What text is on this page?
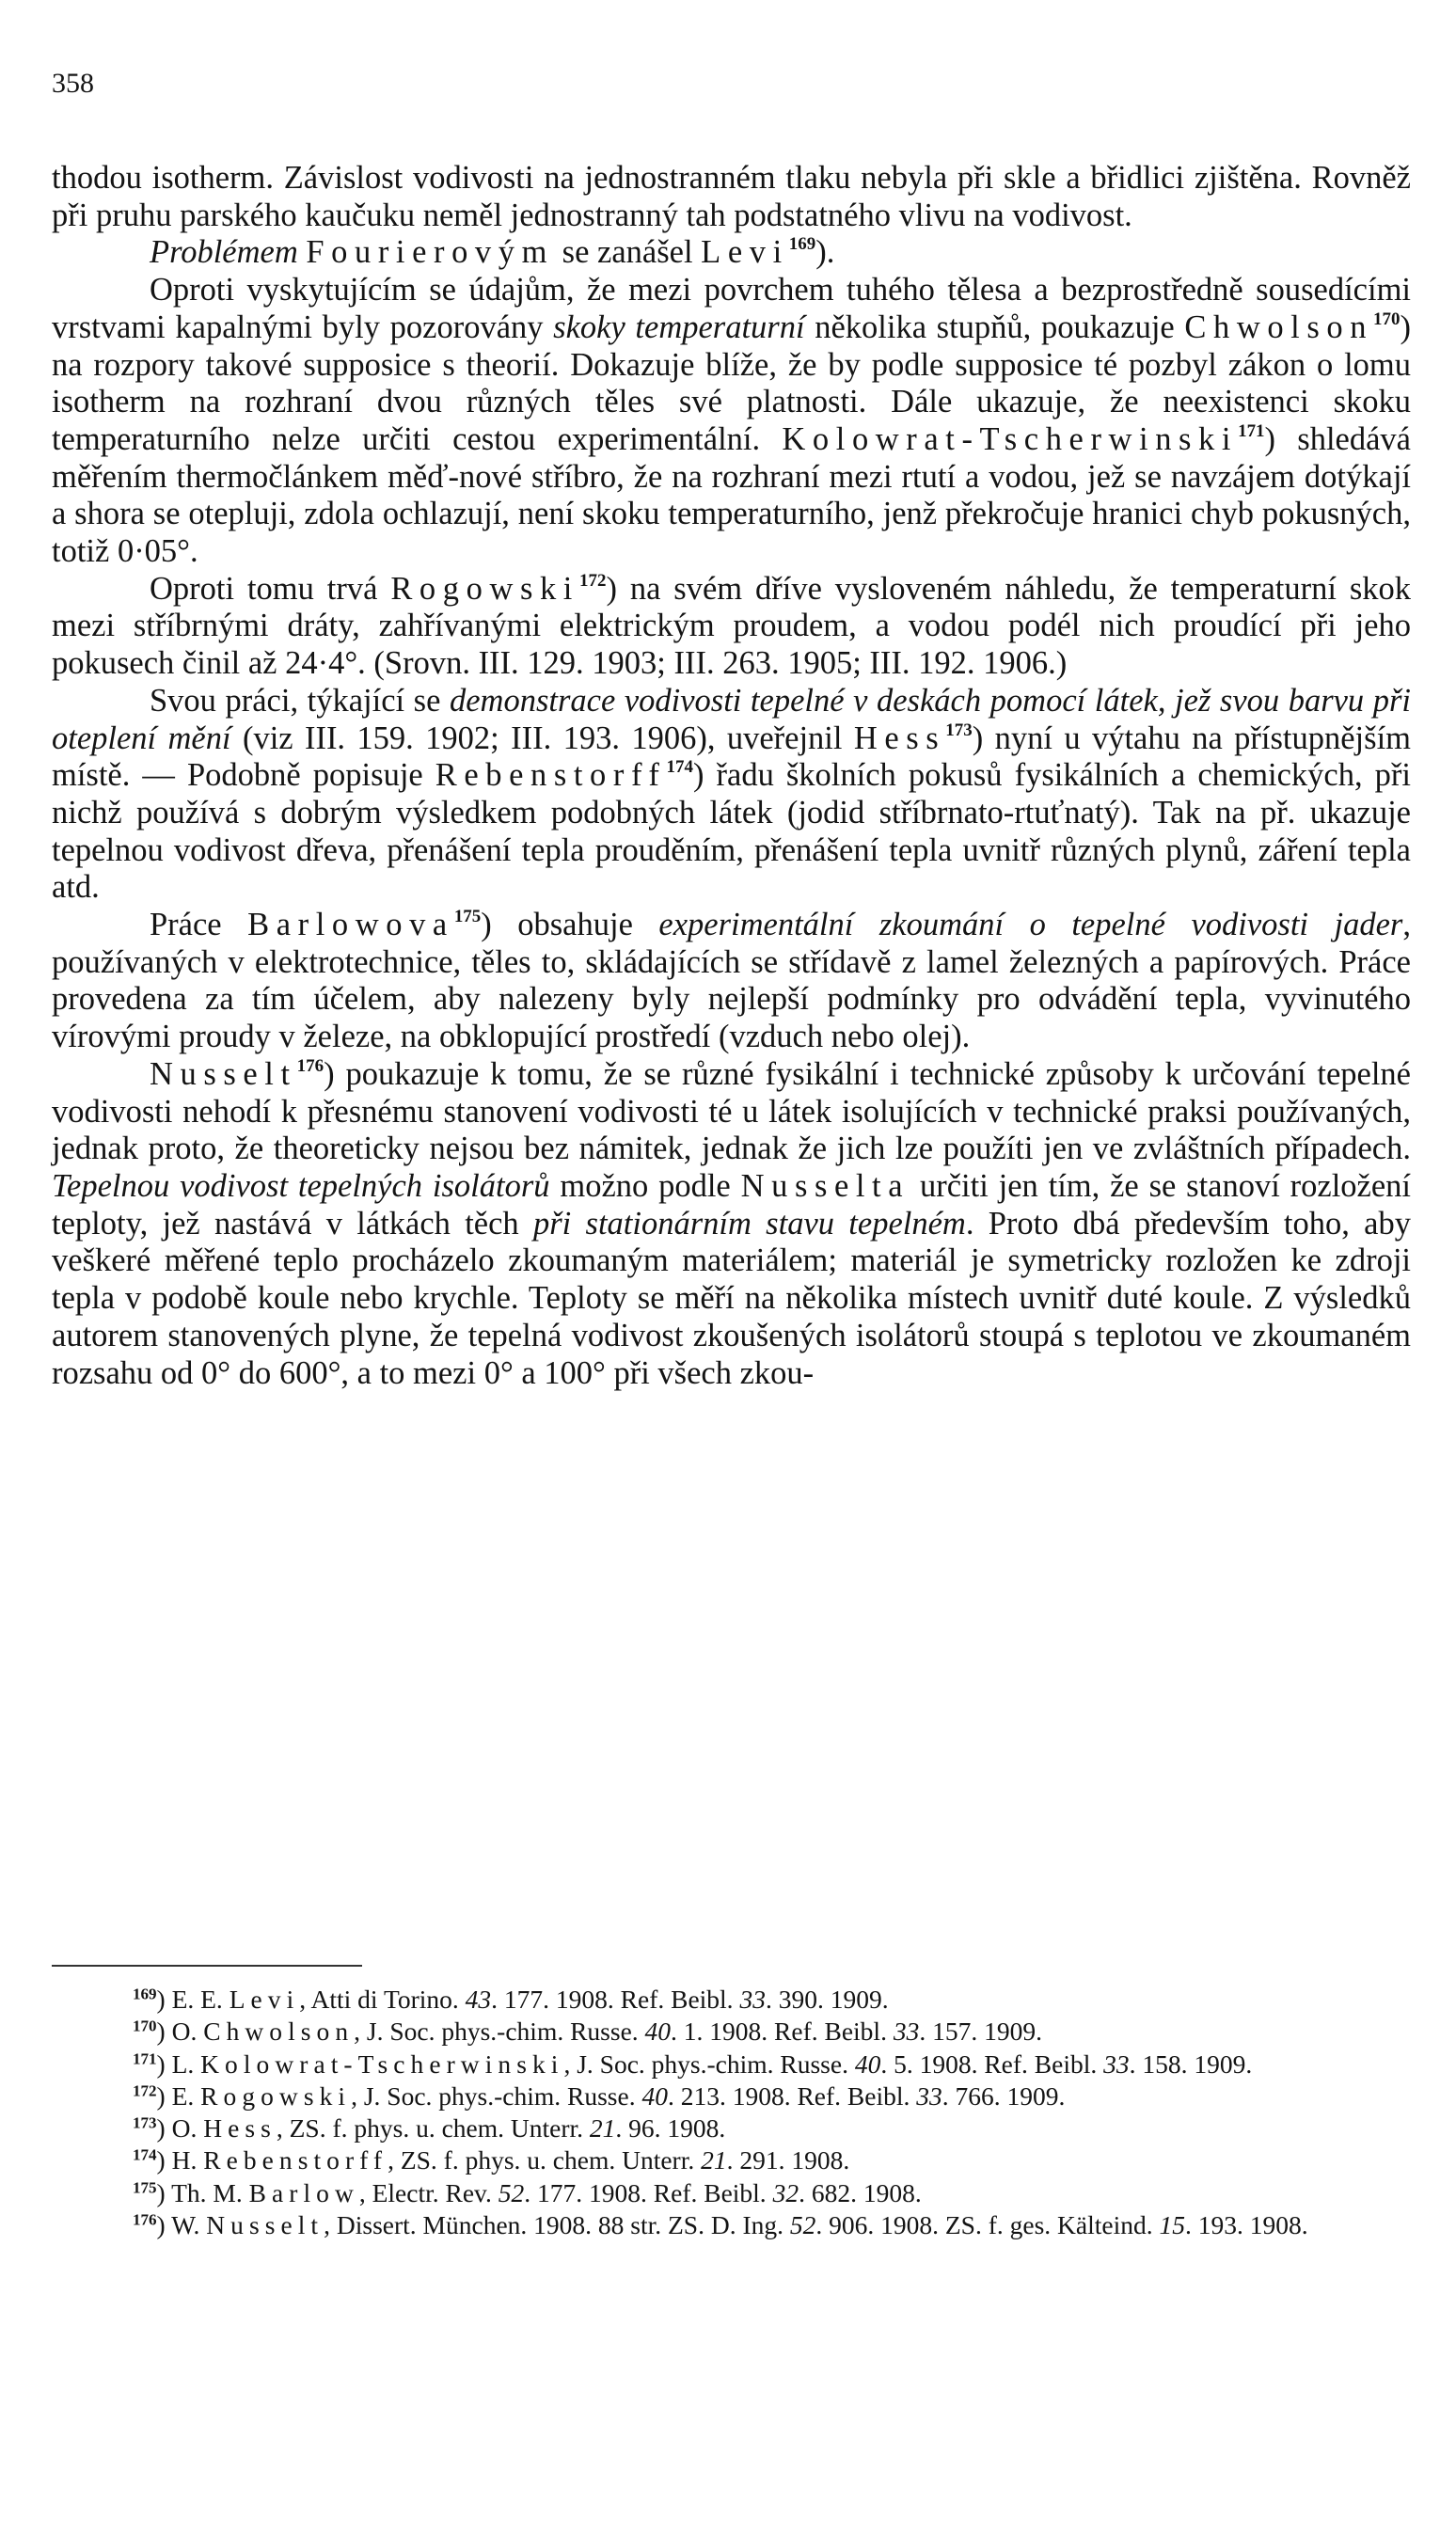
358

thodou isotherm. Závislost vodivosti na jednostranném tlaku nebyla při skle a břidlici zjištěna. Rovněž při pruhu parského kaučuku neměl jednostranný tah podstatného vlivu na vodivost.

Problémem Fourierovým se zanášel Levi$^{169}$).

Oproti vyskytujícím se údajům, že mezi povrchem tuhého tělesa a bezprostředně sousedícími vrstvami kapalnými byly pozorovány skoky temperaturní několika stupňů, poukazuje Chwolson$^{170}$) na rozpory takové supposice s theorií. Dokazuje blíže, že by podle supposice té pozbyl zákon o lomu isotherm na rozhraní dvou různých těles své platnosti. Dále ukazuje, že neexistenci skoku temperaturního nelze určiti cestou experimentální. Kolowrat-Tscherwinski$^{171}$) shledává měřením thermočlánkem měď-nové stříbro, že na rozhraní mezi rtutí a vodou, jež se navzájem dotýkají a shora se otepluji, zdola ochlazují, není skoku temperaturního, jenž překročuje hranici chyb pokusných, totiž 0·05°.

Oproti tomu trvá Rogowski$^{172}$) na svém dříve vysloveném náhledu, že temperaturní skok mezi stříbrnými dráty, zahřívanými elektrickým proudem, a vodou podél nich proudící při jeho pokusech činil až 24·4°. (Srovn. III. 129. 1903; III. 263. 1905; III. 192. 1906.)

Svou práci, týkající se demonstrace vodivosti tepelné v deskách pomocí látek, jež svou barvu při oteplení mění (viz III. 159. 1902; III. 193. 1906), uveřejnil Hess$^{173}$) nyní u výtahu na přístupnějším místě. — Podobně popisuje Rebenstorff$^{174}$) řadu školních pokusů fysikálních a chemických, při nichž používá s dobrým výsledkem podobných látek (jodid stříbrnato-rtuťnatý). Tak na př. ukazuje tepelnou vodivost dřeva, přenášení tepla prouděním, přenášení tepla uvnitř různých plynů, záření tepla atd.

Práce Barlowova$^{175}$) obsahuje experimentální zkoumání o tepelné vodivosti jader, používaných v elektrotechnice, těles to, skládajících se střídavě z lamel železných a papírových. Práce provedena za tím účelem, aby nalezeny byly nejlepší podmínky pro odvádění tepla, vyvinutého vírovými proudy v železe, na obklopující prostředí (vzduch nebo olej).

Nusselt$^{176}$) poukazuje k tomu, že se různé fysikální i technické způsoby k určování tepelné vodivosti nehodí k přesnému stanovení vodivosti té u látek isolujících v technické praksi používaných, jednak proto, že theoreticky nejsou bez námitek, jednak že jich lze použíti jen ve zvláštních případech. Tepelnou vodivost tepelných isolátorů možno podle Nusselta určiti jen tím, že se stanoví rozložení teploty, jež nastává v látkách těch při stationárním stavu tepelném. Proto dbá především toho, aby veškeré měřené teplo procházelo zkoumaným materiálem; materiál je symetricky rozložen ke zdroji tepla v podobě koule nebo krychle. Teploty se měří na několika místech uvnitř duté koule. Z výsledků autorem stanovených plyne, že tepelná vodivost zkoušených isolátorů stoupá s teplotou ve zkoumaném rozsahu od 0° do 600°, a to mezi 0° a 100° při všech zkou-

$^{169}$) E. E. Levi, Atti di Torino. 43. 177. 1908. Ref. Beibl. 33. 390. 1909.

$^{170}$) O. Chwolson, J. Soc. phys.-chim. Russe. 40. 1. 1908. Ref. Beibl. 33. 157. 1909.

$^{171}$) L. Kolowrat-Tscherwinski, J. Soc. phys.-chim. Russe. 40. 5. 1908. Ref. Beibl. 33. 158. 1909.

$^{172}$) E. Rogowski, J. Soc. phys.-chim. Russe. 40. 213. 1908. Ref. Beibl. 33. 766. 1909.

$^{173}$) O. Hess, ZS. f. phys. u. chem. Unterr. 21. 96. 1908.

$^{174}$) H. Rebenstorff, ZS. f. phys. u. chem. Unterr. 21. 291. 1908.

$^{175}$) Th. M. Barlow, Electr. Rev. 52. 177. 1908. Ref. Beibl. 32. 682. 1908.

$^{176}$) W. Nusselt, Dissert. München. 1908. 88 str. ZS. D. Ing. 52. 906. 1908. ZS. f. ges. Kälteind. 15. 193. 1908.
